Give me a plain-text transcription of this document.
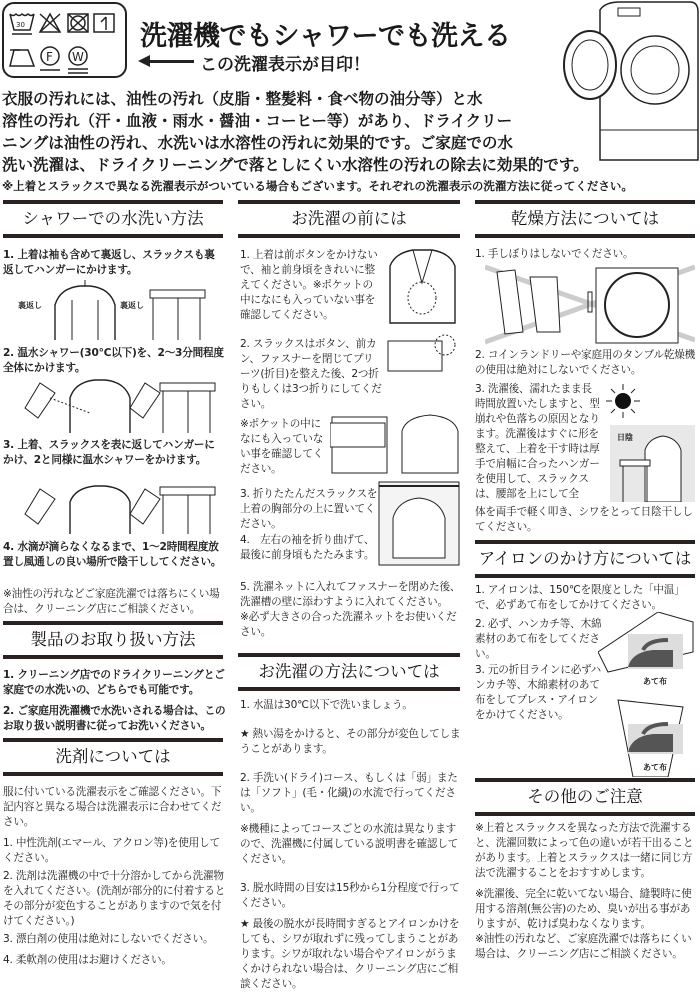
30
F W
洗濯機でもシャワーでも洗える
この洗濯表示が目印！
衣服の汚れには、油性の汚れ（皮脂・整髪料・食べ物の油分等）と水
溶性の汚れ（汗・血液・雨水・醤油・コーヒー等）があり、ドライクリー
ニングは油性の汚れ、水洗いは水溶性の汚れに効果的です。ご家庭での水
洗い洗濯は、ドライクリーニングで落としにくい水溶性の汚れの除去に効果的です。
※上着とスラックスで異なる洗濯表示がついている場合もございます。それぞれの洗濯表示の洗濯方法に従ってください。
シャワーでの水洗い方法
1. 上着は袖も含めて裏返し、スラックスも裏返してハンガーにかけます。
裏返し	裏返し
2. 温水シャワー(30℃以下)を、2〜3分間程度全体にかけます。
3. 上着、スラックスを表に返してハンガーにかけ、2と同様に温水シャワーをかけます。
4. 水滴が滴らなくなるまで、1〜2時間程度放置し風通しの良い場所で陰干ししてください。
※油性の汚れなどご家庭洗濯では落ちにくい場合は、クリーニング店にご相談ください。
製品のお取り扱い方法
1. クリーニング店でのドライクリーニングとご家庭での水洗いの、どちらでも可能です。
2. ご家庭用洗濯機で水洗いされる場合は、このお取り扱い説明書に従ってお洗いください。
洗剤については
服に付いている洗濯表示をご確認ください。下記内容と異なる場合は洗濯表示に合わせてください。
1. 中性洗剤(エマール、アクロン等)を使用してください。
2. 洗剤は洗濯機の中で十分溶かしてから洗濯物を入れてください。(洗剤が部分的に付着するとその部分が変色することがありますので気を付けてください。)
3. 漂白剤の使用は絶対にしないでください。
4. 柔軟剤の使用はお避けください。
お洗濯の前には
1. 上着は前ボタンをかけないで、袖と前身頃をきれいに整えてください。※ポケットの中になにも入っていない事を確認してください。
2. スラックスはボタン、前カン、ファスナーを閉じてプリーツ(折目)を整えた後、2つ折りもしくは3つ折りにしてください。
※ポケットの中になにも入っていない事を確認してください。
3. 折りたたんだスラックスを上着の胸部分の上に置いてください。
4.　左右の袖を折り曲げて、最後に前身頃もたたみます。
5. 洗濯ネットに入れてファスナーを閉めた後、洗濯槽の壁に添わすように入れてください。
※必ず大きさの合った洗濯ネットをお使いください。
お洗濯の方法については
1. 水温は30℃以下で洗いましょう。
★ 熱い湯をかけると、その部分が変色してしまうことがあります。
2. 手洗い(ドライ)コース、もしくは「弱」または「ソフト」(毛・化繊)の水流で行ってください。
※機種によってコースごとの水流は異なりますので、洗濯機に付属している説明書を確認してください。
3. 脱水時間の目安は15秒から1分程度で行ってください。
★ 最後の脱水が長時間すぎるとアイロンかけをしても、シワが取れずに残ってしまうことがあります。シワが取れない場合やアイロンがうまくかけられない場合は、クリーニング店にご相談ください。
乾燥方法については
1. 手しぼりはしないでください。
2. コインランドリーや家庭用のタンブル乾燥機の使用は絶対にしないでください。
3. 洗濯後、濡れたまま長時間放置いたしますと、型崩れや色落ちの原因となります。洗濯後はすぐに形を整えて、上着を干す時は厚手で肩幅に合ったハンガーを使用して、スラックスは、腰部を上にして全
体を両手で軽く叩き、シワをとって日陰干ししてください。
日陰
アイロンのかけ方については
1. アイロンは、150℃を限度とした「中温」で、必ずあて布をしてかけてください。
2. 必ず、ハンカチ等、木綿素材のあて布をしてください。
3. 元の折目ラインに必ずハンカチ等、木綿素材のあて布をしてプレス・アイロンをかけてください。
あて布
あて布
その他のご注意
※上着とスラックスを異なった方法で洗濯すると、洗濯回数によって色の違いが若干出ることがあります。上着とスラックスは一緒に同じ方法で洗濯することをおすすめします。
※洗濯後、完全に乾いてない場合、縫製時に使用する溶剤(無公害)のため、臭いが出る事がありますが、乾けば臭わなくなります。
※油性の汚れなど、ご家庭洗濯では落ちにくい場合は、クリーニング店にご相談ください。
